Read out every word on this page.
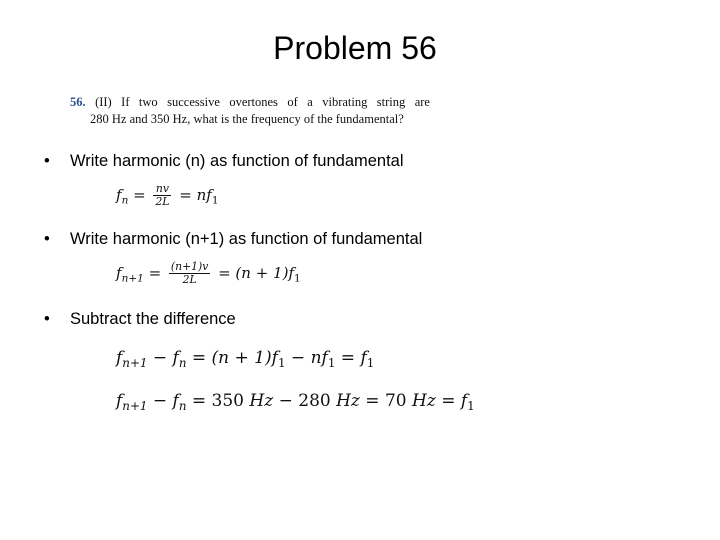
Problem 56
56. (II) If two successive overtones of a vibrating string are
280 Hz and 350 Hz, what is the frequency of the fundamental?
•	Write harmonic (n) as function of fundamental
$f_n = \frac{nv}{2L} = nf_1$
•	Write harmonic (n+1) as function of fundamental
$f_{n+1} = \frac{(n+1)v}{2L} = (n + 1)f_1$
•	Subtract the difference
$f_{n+1} - f_n = (n + 1)f_1 - nf_1 = f_1$
$f_{n+1} - f_n = 350$ Hz − 280 Hz = 70 $Hz = f_1$
